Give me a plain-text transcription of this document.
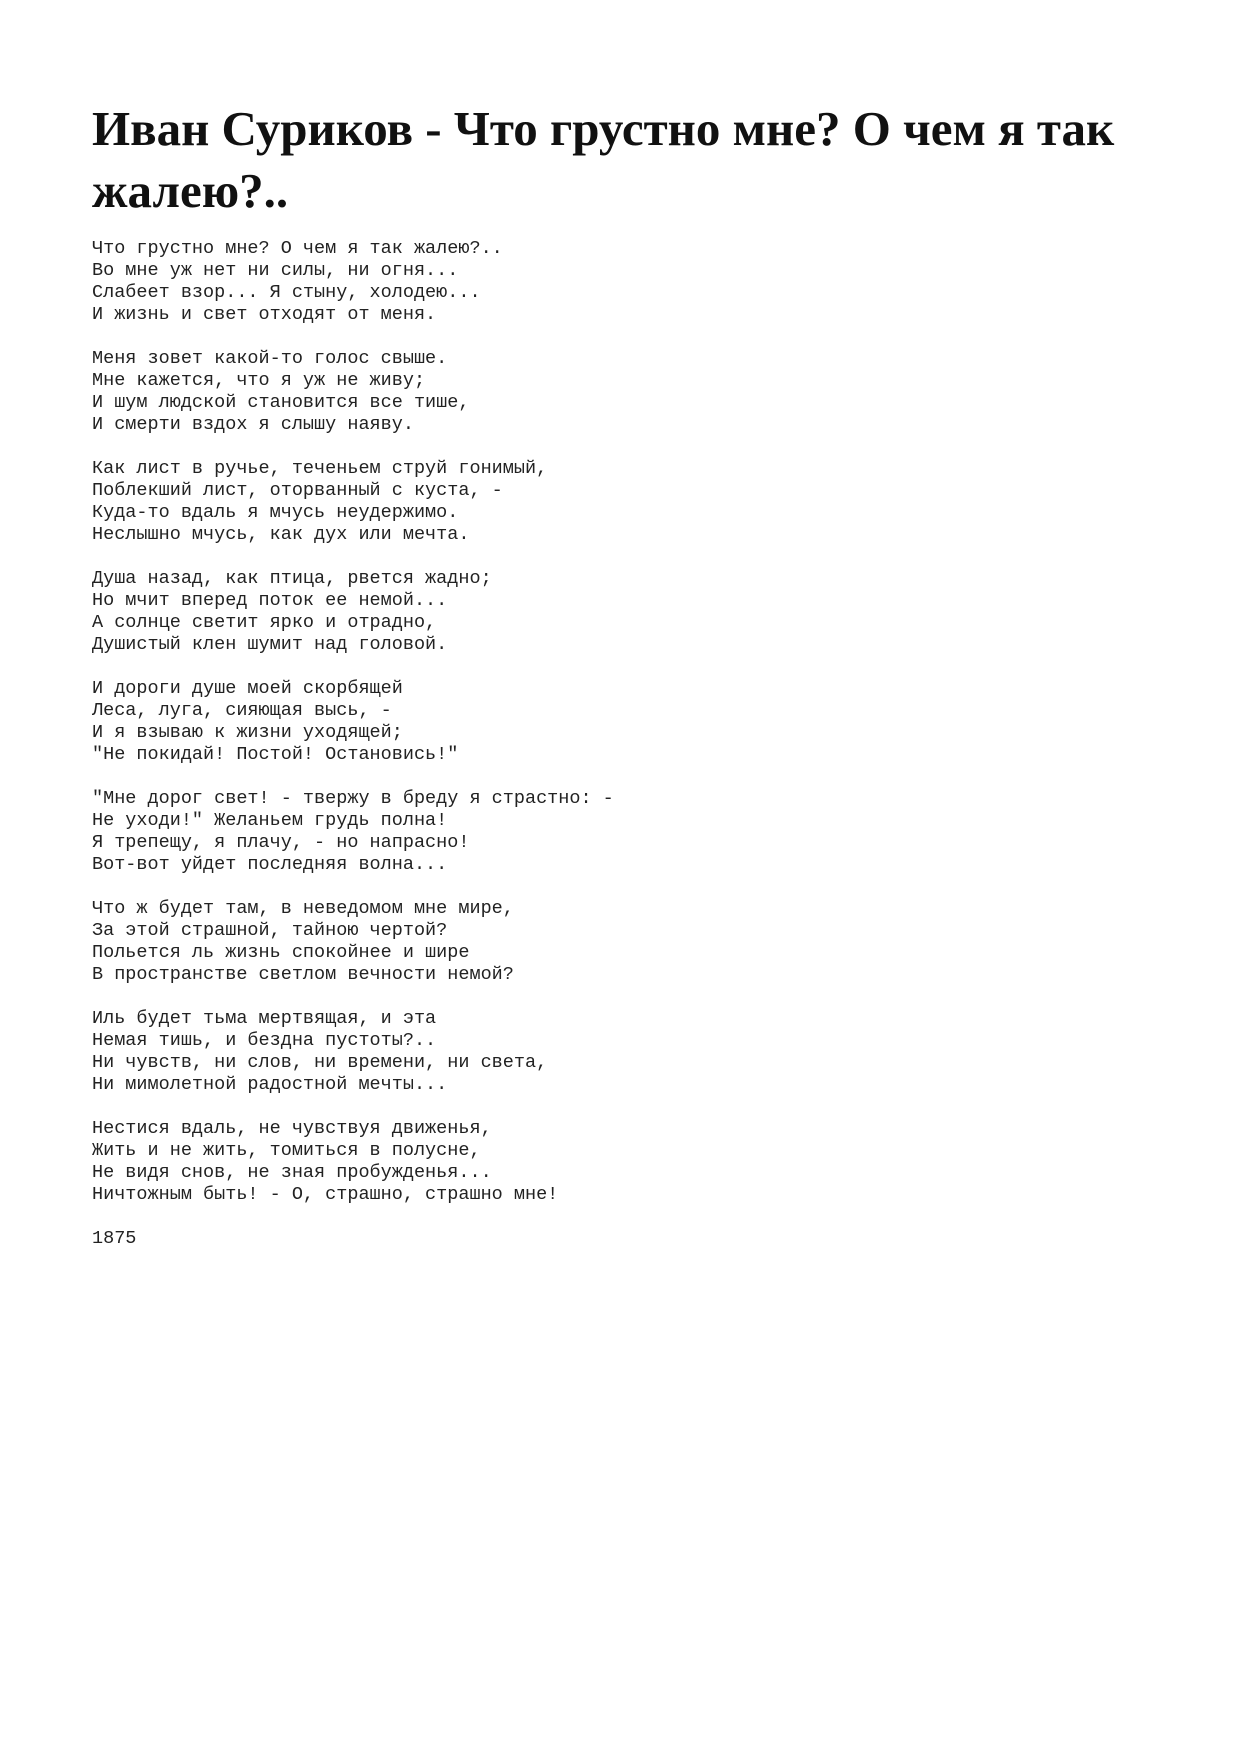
Иван Суриков - Что грустно мне? О чем я так жалею?..
Что грустно мне? О чем я так жалею?..
Во мне уж нет ни силы, ни огня...
Слабеет взор... Я стыну, холодею...
И жизнь и свет отходят от меня.
Меня зовет какой-то голос свыше.
Мне кажется, что я уж не живу;
И шум людской становится все тише,
И смерти вздох я слышу наяву.
Как лист в ручье, теченьем струй гонимый,
Поблекший лист, оторванный с куста, -
Куда-то вдаль я мчусь неудержимо.
Неслышно мчусь, как дух или мечта.
Душа назад, как птица, рвется жадно;
Но мчит вперед поток ее немой...
А солнце светит ярко и отрадно,
Душистый клен шумит над головой.
И дороги душе моей скорбящей
Леса, луга, сияющая высь, -
И я взываю к жизни уходящей;
"Не покидай! Постой! Остановись!"
"Мне дорог свет! - твержу в бреду я страстно: -
Не уходи!" Желаньем грудь полна!
Я трепещу, я плачу, - но напрасно!
Вот-вот уйдет последняя волна...
Что ж будет там, в неведомом мне мире,
За этой страшной, тайною чертой?
Польется ль жизнь спокойнее и шире
В пространстве светлом вечности немой?
Иль будет тьма мертвящая, и эта
Немая тишь, и бездна пустоты?..
Ни чувств, ни слов, ни времени, ни света,
Ни мимолетной радостной мечты...
Нестися вдаль, не чувствуя движенья,
Жить и не жить, томиться в полусне,
Не видя снов, не зная пробужденья...
Ничтожным быть! - О, страшно, страшно мне!
1875
